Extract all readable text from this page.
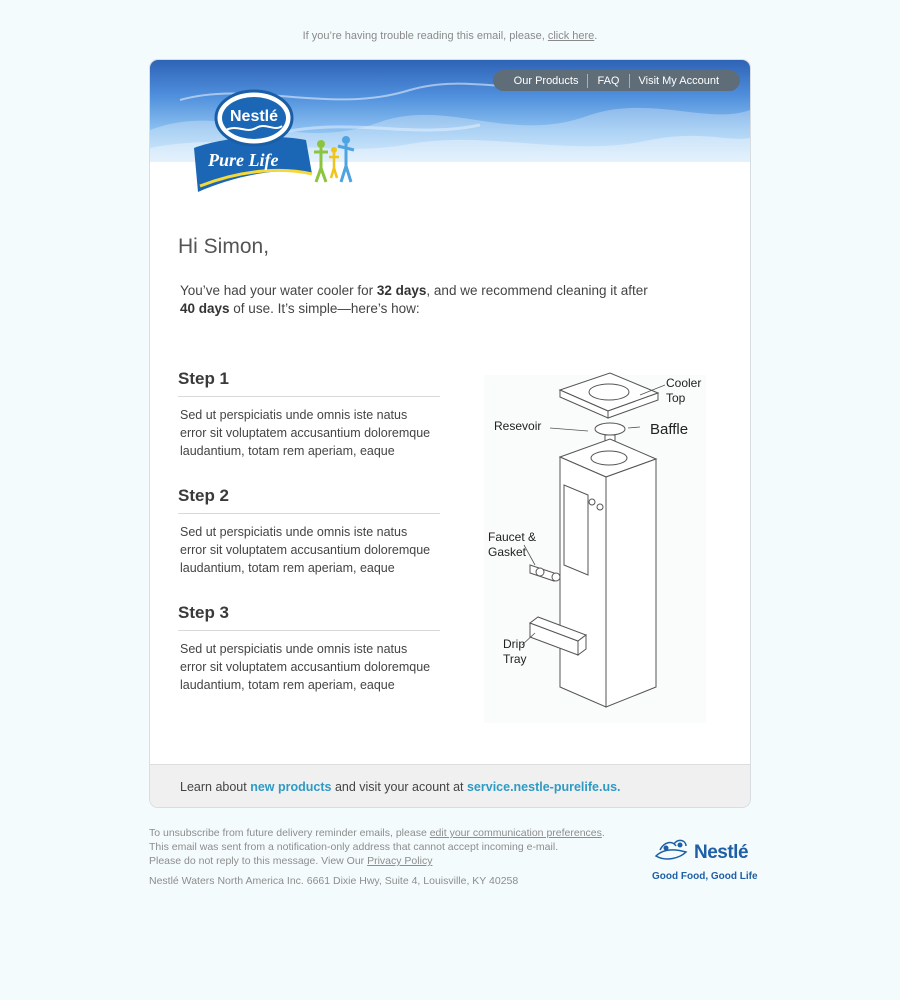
If you’re having trouble reading this email, please, click here.
Our Products	FAQ	Visit My Account
Nestlé
Pure Life
Hi Simon,
You’ve had your water cooler for 32 days, and we recommend cleaning it after
40 days of use. It’s simple—here’s how:
Step 1

Sed ut perspiciatis unde omnis iste natus error sit voluptatem accusantium doloremque laudantium, totam rem aperiam, eaque

Step 2

Sed ut perspiciatis unde omnis iste natus error sit voluptatem accusantium doloremque laudantium, totam rem aperiam, eaque

Step 3

Sed ut perspiciatis unde omnis iste natus error sit voluptatem accusantium doloremque laudantium, totam rem aperiam, eaque

Cooler
Top
Resevoir	Baffle
Faucet &
Gasket
Drip
Tray
Learn about new products and visit your acount at service.nestle-purelife.us.
To unsubscribe from future delivery reminder emails, please edit your communication preferences.
This email was sent from a notification-only address that cannot accept incoming e-mail.
Please do not reply to this message. View Our Privacy Policy
Nestlé Waters North America Inc. 6661 Dixie Hwy, Suite 4, Louisville, KY 40258
Nestlé
Good Food, Good Life
